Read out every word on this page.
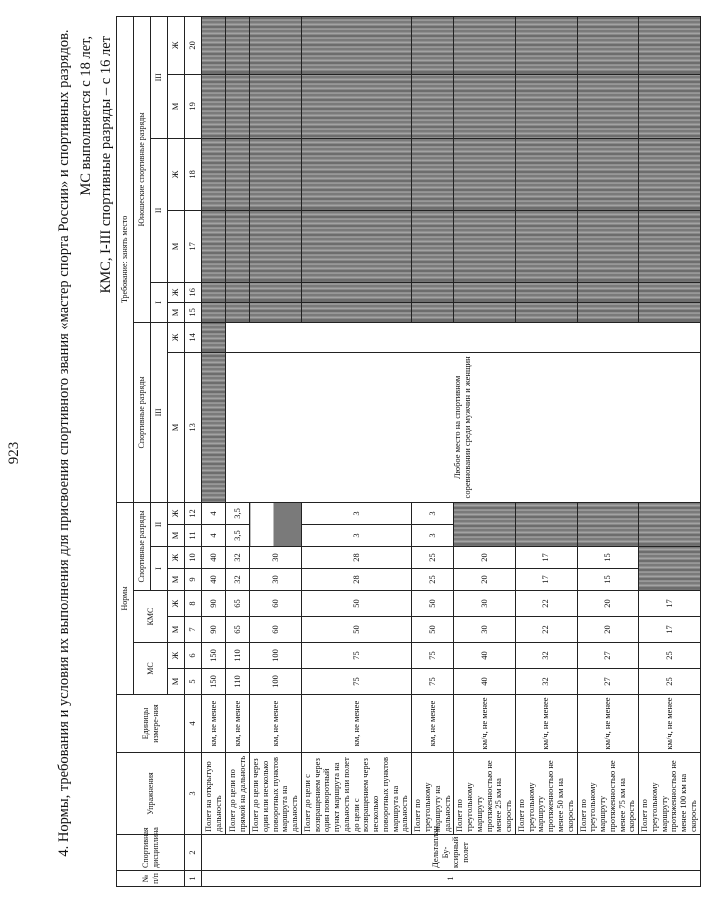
923 4. Нормы, требования и условия их выполнения для присвоения спортивного звания «мастер спорта России» и спортивных разрядов. МС выполняется с 18 лет, КМС, I-III спортивные разряды – с 16 лет
№ п/п	Спортивная дисциплина	Упражнения	Единицы измере-ния	Нормы								Требование: занять место							
				МС		КМС		Спортивные разряды				Спортивные разряды		Юношеские спортивные разряды					
								I		II		III		I		II		III	
				М	Ж	М	Ж	М	Ж	М	Ж	М	Ж	М	Ж	М	Ж	М	Ж
1	2	3	4	5	6	7	8	9	10	11	12	13	14	15	16	17	18	19	20
1	Дельтаплан Бу-ксирный полет	Полет на открытую дальность	км, не менее	150	150	90	90	40	40	4	4								
		Полет до цели по прямой на дальность	км, не менее	110	110	65	65	32	32	3,5	3,5	Любое место на спортивном соревновании среди мужчин и женщин							
		Полет до цели через один или несколько поворотных пунктов маршрута на дальность	км, не менее	100	100	60	60	30	30										
		Полет до цели с возвращением через один поворотный пункт маршрута на дальность или полет до цели с возвращением через несколько поворотных пунктов маршрута на дальность	км, не менее	75	75	50	50	28	28	3	3								
		Полет по треугольному маршруту на дальность	км, не менее	75	75	50	50	25	25	3	3								
		Полет по треугольному маршруту протяженностью не менее 25 км на скорость	км/ч, не менее	40	40	30	30	20	20										
		Полет по треугольному маршруту протяженностью не менее 50 км на скорость	км/ч, не менее	32	32	22	22	17	17										
		Полет по треугольному маршруту протяженностью не менее 75 км на скорость	км/ч, не менее	27	27	20	20	15	15										
		Полет по треугольному маршруту протяженностью не менее 100 км на скорость	км/ч, не менее	25	25	17	17												
